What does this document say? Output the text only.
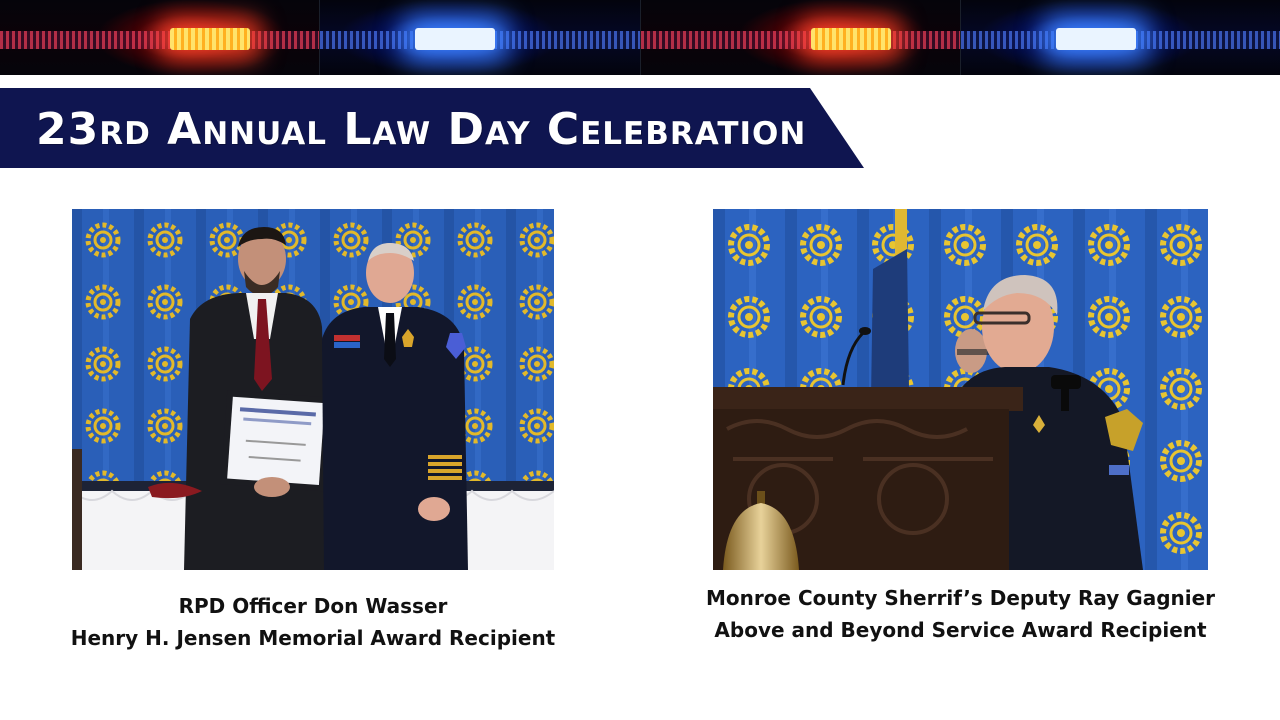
23rd Annual Law Day Celebration
RPD Officer Don Wasser
Henry H. Jensen Memorial Award Recipient
Monroe County Sherrif’s Deputy Ray Gagnier
Above and Beyond Service Award Recipient
